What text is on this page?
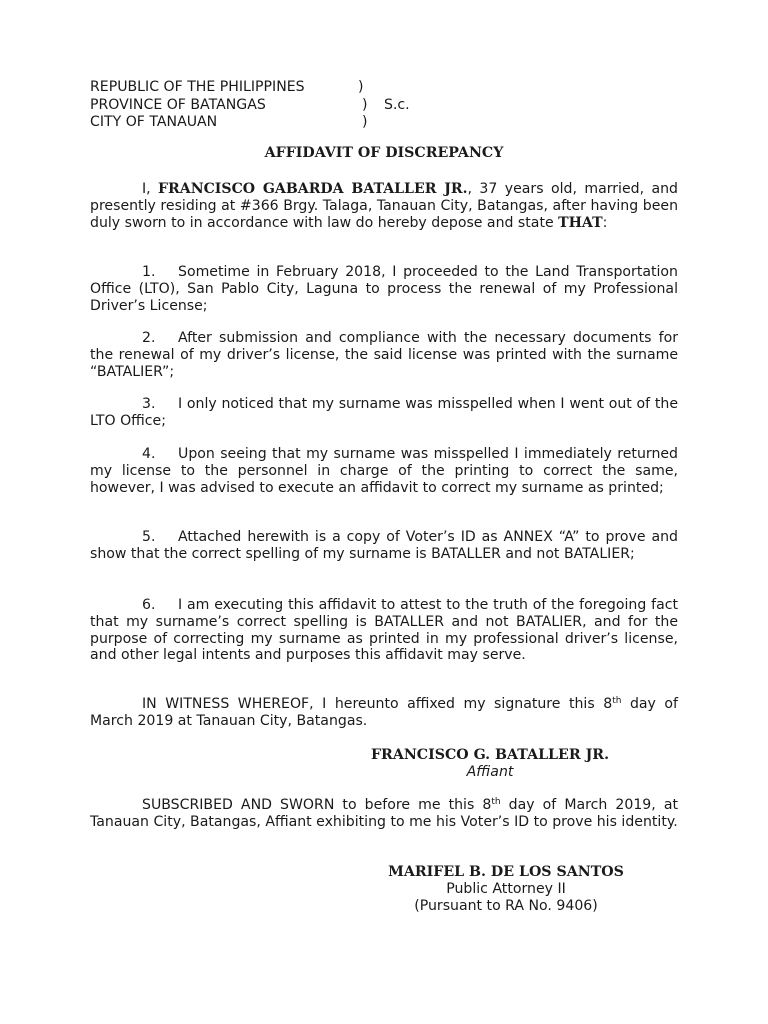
REPUBLIC OF THE PHILIPPINES	)
PROVINCE OF BATANGAS	) S.c.
CITY OF TANAUAN	)
AFFIDAVIT OF DISCREPANCY
I, FRANCISCO GABARDA BATALLER JR., 37 years old, married, and presently residing at #366 Brgy. Talaga, Tanauan City, Batangas, after having been duly sworn to in accordance with law do hereby depose and state THAT:
1. Sometime in February 2018, I proceeded to the Land Transportation Office (LTO), San Pablo City, Laguna to process the renewal of my Professional Driver’s License;
2. After submission and compliance with the necessary documents for the renewal of my driver’s license, the said license was printed with the surname “BATALIER”;
3. I only noticed that my surname was misspelled when I went out of the LTO Office;
4. Upon seeing that my surname was misspelled I immediately returned my license to the personnel in charge of the printing to correct the same, however, I was advised to execute an affidavit to correct my surname as printed;
5. Attached herewith is a copy of Voter’s ID as ANNEX “A” to prove and show that the correct spelling of my surname is BATALLER and not BATALIER;
6. I am executing this affidavit to attest to the truth of the foregoing fact that my surname’s correct spelling is BATALLER and not BATALIER, and for the purpose of correcting my surname as printed in my professional driver’s license, and other legal intents and purposes this affidavit may serve.
IN WITNESS WHEREOF, I hereunto affixed my signature this 8th day of March 2019 at Tanauan City, Batangas.
FRANCISCO G. BATALLER JR.
Affiant
SUBSCRIBED AND SWORN to before me this 8th day of March 2019, at Tanauan City, Batangas, Affiant exhibiting to me his Voter’s ID to prove his identity.
MARIFEL B. DE LOS SANTOS
Public Attorney II
(Pursuant to RA No. 9406)
